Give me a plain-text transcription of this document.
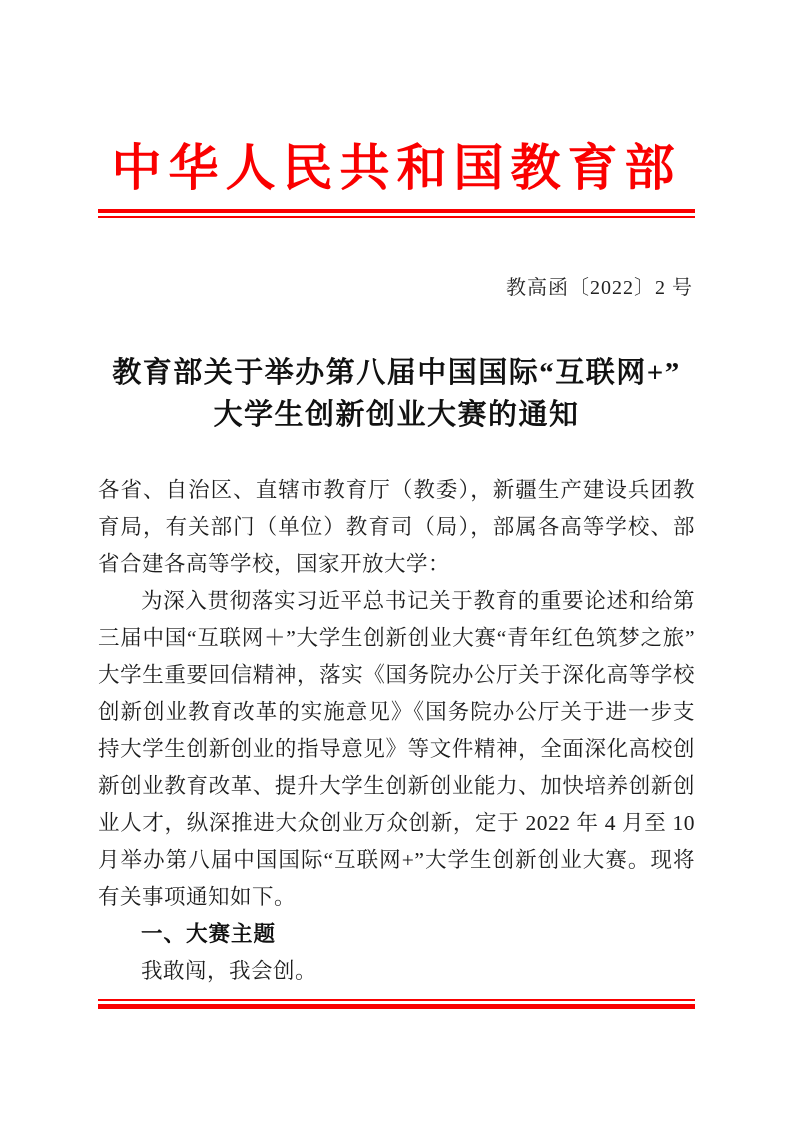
中华人民共和国教育部
教高函〔2022〕2 号
教育部关于举办第八届中国国际“互联网+”
大学生创新创业大赛的通知

各省、自治区、直辖市教育厅（教委），新疆生产建设兵团教育局，有关部门（单位）教育司（局），部属各高等学校、部省合建各高等学校，国家开放大学：

为深入贯彻落实习近平总书记关于教育的重要论述和给第三届中国“互联网＋”大学生创新创业大赛“青年红色筑梦之旅”大学生重要回信精神，落实《国务院办公厅关于深化高等学校创新创业教育改革的实施意见》《国务院办公厅关于进一步支持大学生创新创业的指导意见》等文件精神，全面深化高校创新创业教育改革、提升大学生创新创业能力、加快培养创新创业人才，纵深推进大众创业万众创新，定于 2022 年 4 月至 10 月举办第八届中国国际“互联网+”大学生创新创业大赛。现将有关事项通知如下。

一、大赛主题

我敢闯，我会创。
